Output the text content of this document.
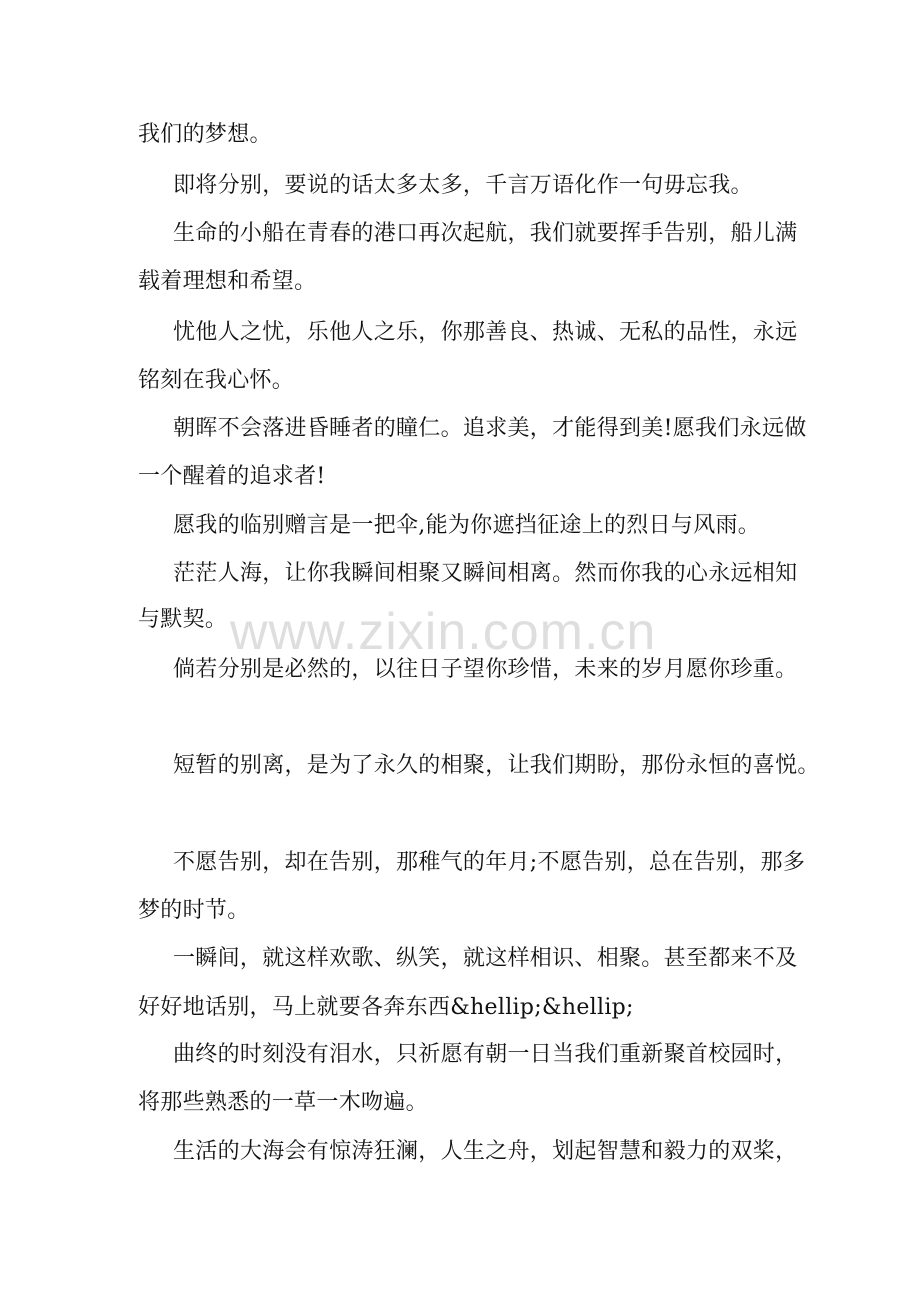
我们的梦想。
即将分别，要说的话太多太多，千言万语化作一句毋忘我。
生命的小船在青春的港口再次起航，我们就要挥手告别，船儿满
载着理想和希望。
忧他人之忧，乐他人之乐，你那善良、热诚、无私的品性，永远
铭刻在我心怀。
朝晖不会落进昏睡者的瞳仁。追求美，才能得到美!愿我们永远做
一个醒着的追求者!
愿我的临别赠言是一把伞,能为你遮挡征途上的烈日与风雨。
茫茫人海，让你我瞬间相聚又瞬间相离。然而你我的心永远相知
与默契。
倘若分别是必然的，以往日子望你珍惜，未来的岁月愿你珍重。
短暂的别离，是为了永久的相聚，让我们期盼，那份永恒的喜悦。
不愿告别，却在告别，那稚气的年月;不愿告别，总在告别，那多
梦的时节。
一瞬间，就这样欢歌、纵笑，就这样相识、相聚。甚至都来不及
好好地话别，马上就要各奔东西&hellip;&hellip;
曲终的时刻没有泪水，只祈愿有朝一日当我们重新聚首校园时，
将那些熟悉的一草一木吻遍。
生活的大海会有惊涛狂澜，人生之舟，划起智慧和毅力的双桨，
www.zixin.com.cn
